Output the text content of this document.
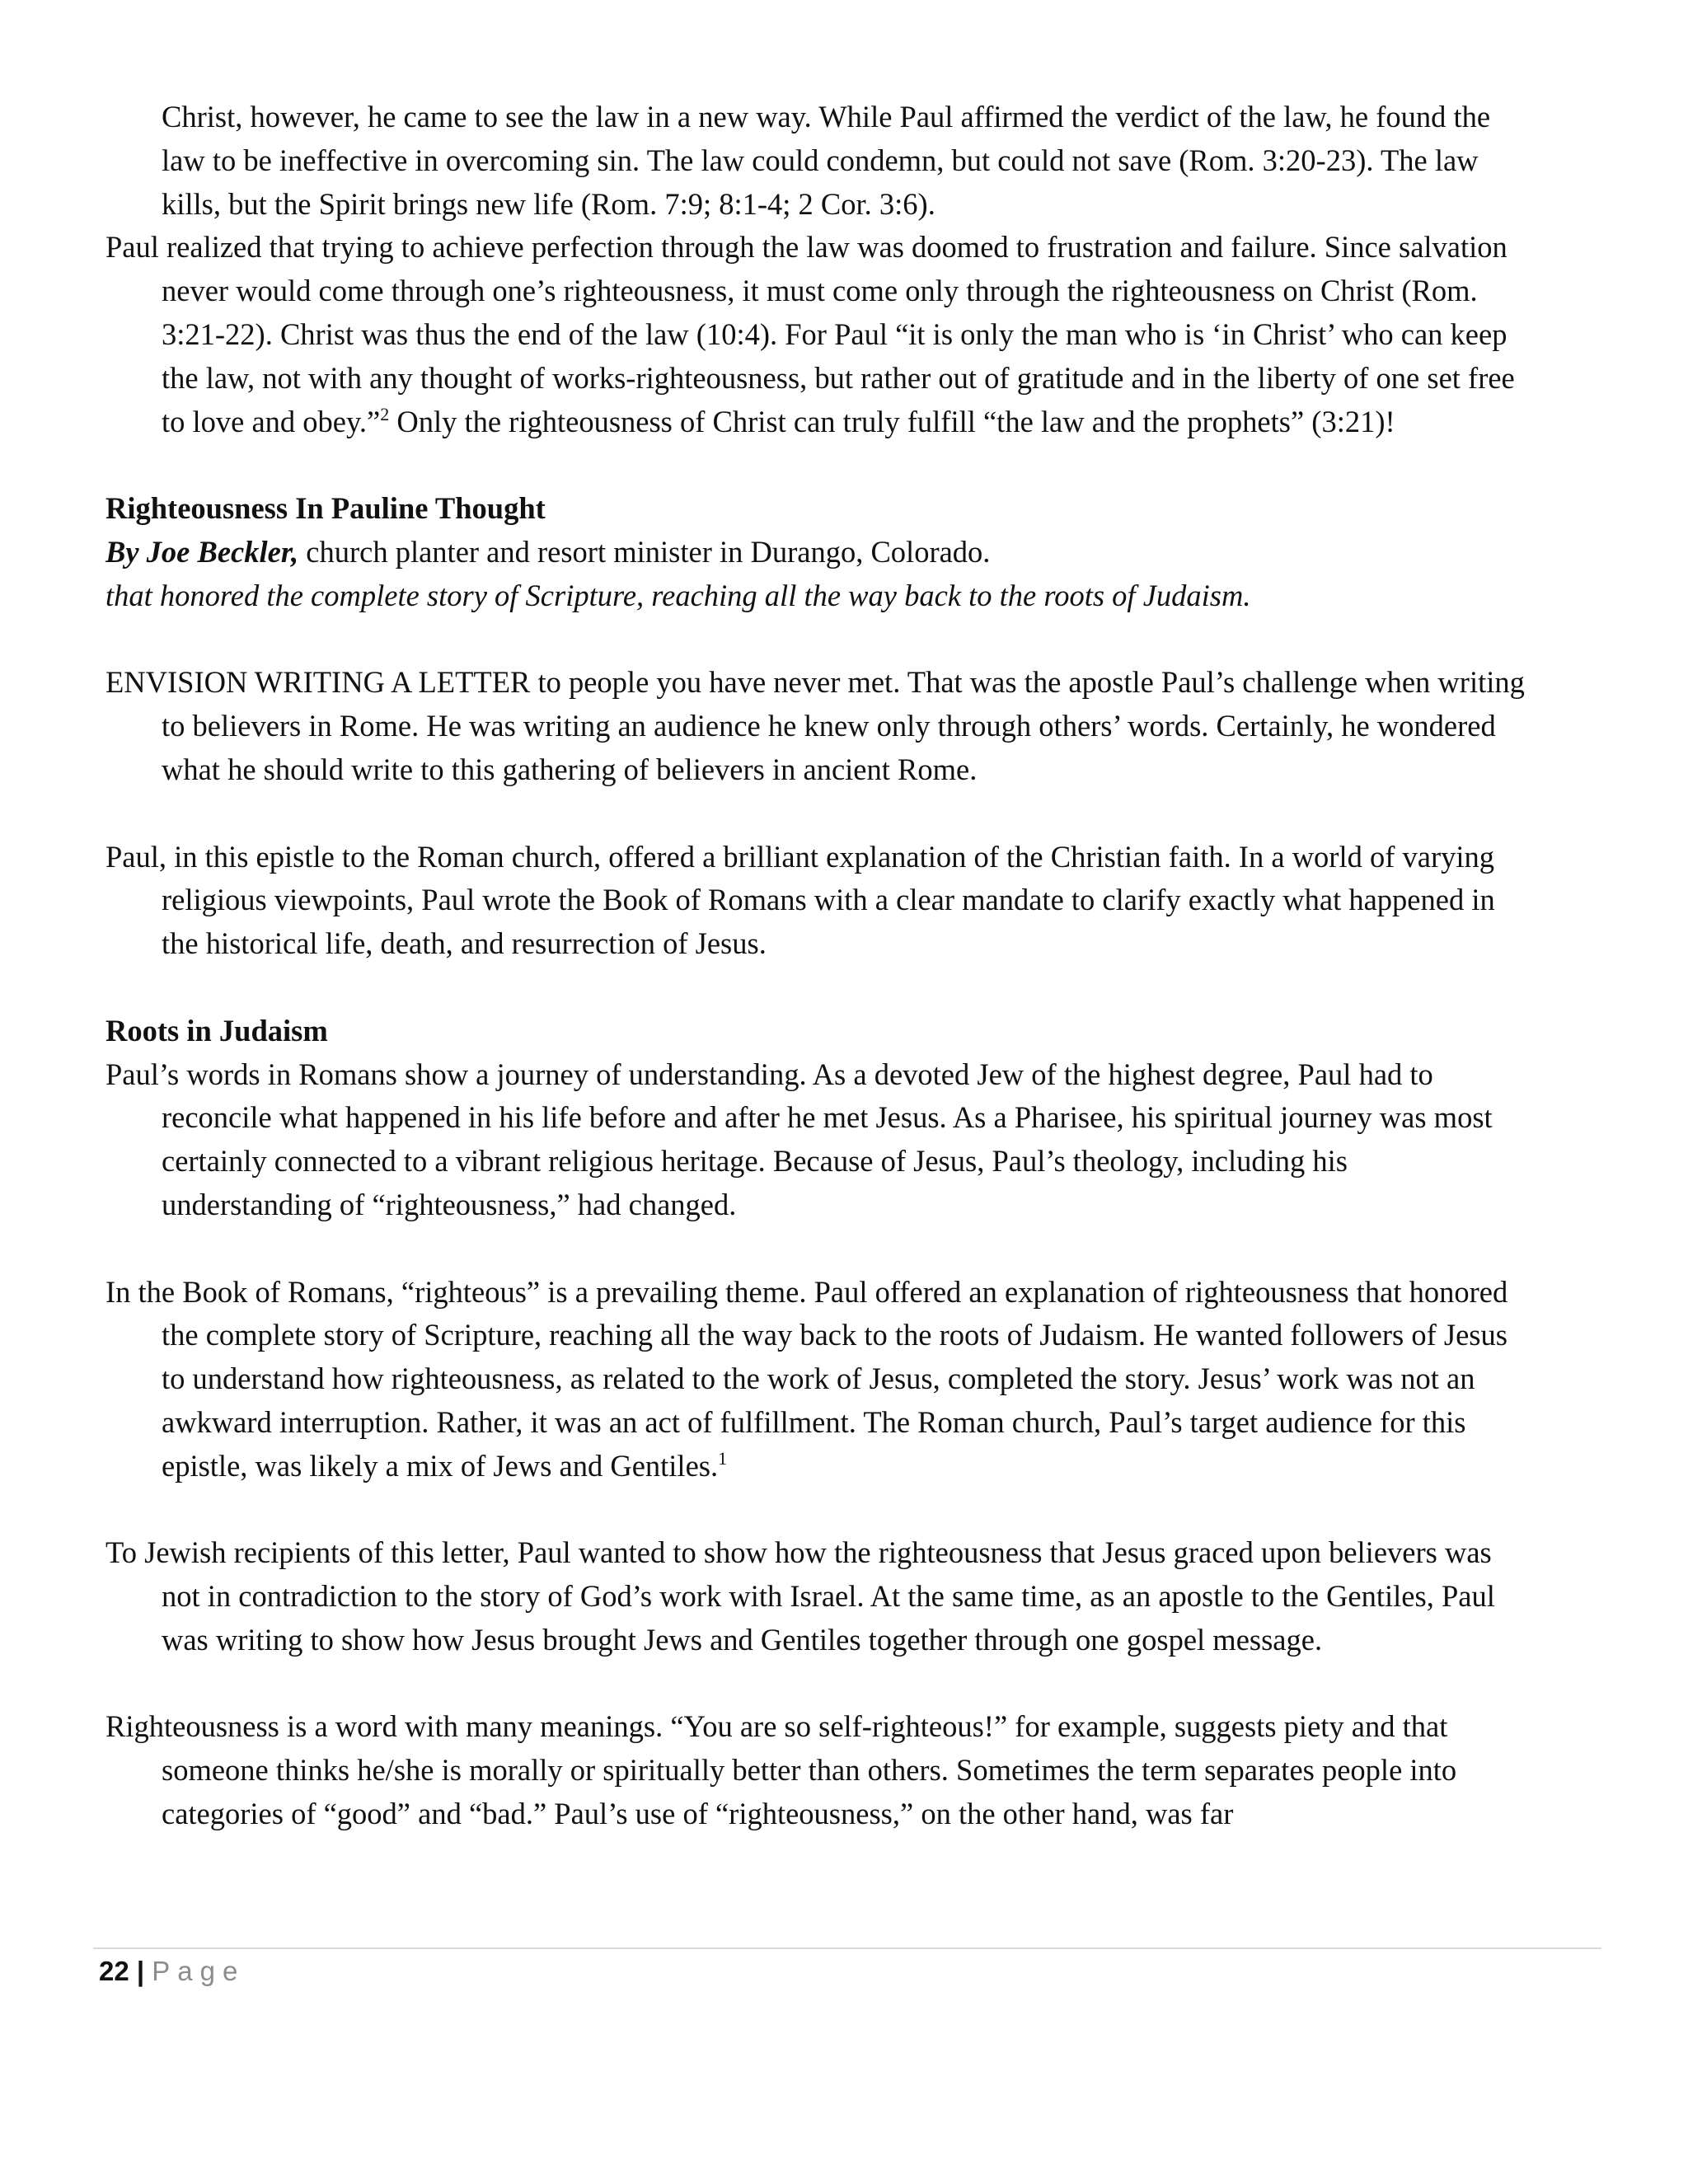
Christ, however, he came to see the law in a new way. While Paul affirmed the verdict of the law, he found the law to be ineffective in overcoming sin. The law could condemn, but could not save (Rom. 3:20-23). The law kills, but the Spirit brings new life (Rom. 7:9; 8:1-4; 2 Cor. 3:6).

Paul realized that trying to achieve perfection through the law was doomed to frustration and failure. Since salvation never would come through one’s righteousness, it must come only through the righteousness on Christ (Rom. 3:21-22). Christ was thus the end of the law (10:4). For Paul “it is only the man who is ‘in Christ’ who can keep the law, not with any thought of works-righteousness, but rather out of gratitude and in the liberty of one set free to love and obey.”$^2$ Only the righteousness of Christ can truly fulfill “the law and the prophets” (3:21)!

Righteousness In Pauline Thought

By Joe Beckler, church planter and resort minister in Durango, Colorado.

that honored the complete story of Scripture, reaching all the way back to the roots of Judaism.

ENVISION WRITING A LETTER to people you have never met. That was the apostle Paul’s challenge when writing to believers in Rome. He was writing an audience he knew only through others’ words. Certainly, he wondered what he should write to this gathering of believers in ancient Rome.

Paul, in this epistle to the Roman church, offered a brilliant explanation of the Christian faith. In a world of varying religious viewpoints, Paul wrote the Book of Romans with a clear mandate to clarify exactly what happened in the historical life, death, and resurrection of Jesus.

Roots in Judaism

Paul’s words in Romans show a journey of understanding. As a devoted Jew of the highest degree, Paul had to reconcile what happened in his life before and after he met Jesus. As a Pharisee, his spiritual journey was most certainly connected to a vibrant religious heritage. Because of Jesus, Paul’s theology, including his understanding of “righteousness,” had changed.

In the Book of Romans, “righteous” is a prevailing theme. Paul offered an explanation of righteousness that honored the complete story of Scripture, reaching all the way back to the roots of Judaism. He wanted followers of Jesus to understand how righteousness, as related to the work of Jesus, completed the story. Jesus’ work was not an awkward interruption. Rather, it was an act of fulfillment. The Roman church, Paul’s target audience for this epistle, was likely a mix of Jews and Gentiles.$^1$

To Jewish recipients of this letter, Paul wanted to show how the righteousness that Jesus graced upon believers was not in contradiction to the story of God’s work with Israel. At the same time, as an apostle to the Gentiles, Paul was writing to show how Jesus brought Jews and Gentiles together through one gospel message.

Righteousness is a word with many meanings. “You are so self-righteous!” for example, suggests piety and that someone thinks he/she is morally or spiritually better than others. Sometimes the term separates people into categories of “good” and “bad.” Paul’s use of “righteousness,” on the other hand, was far

22 | Page
